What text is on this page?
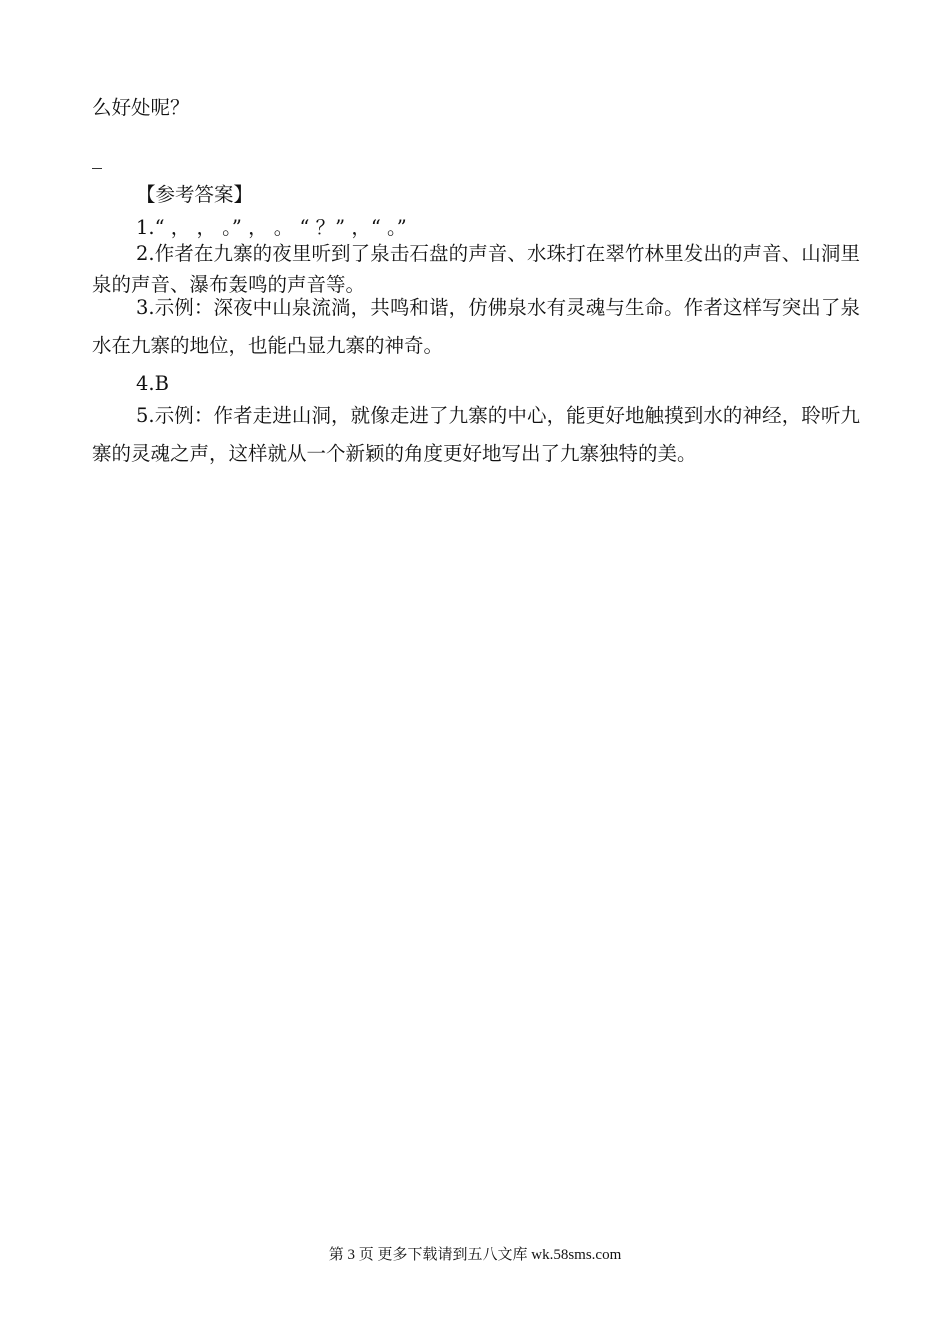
么好处呢？
【参考答案】
1.“ ， ， 。” ， 。 “ ？” ，“ 。”
2.作者在九寨的夜里听到了泉击石盘的声音、水珠打在翠竹林里发出的声音、山洞里泉的声音、瀑布轰鸣的声音等。
3.示例：深夜中山泉流淌，共鸣和谐，仿佛泉水有灵魂与生命。作者这样写突出了泉水在九寨的地位，也能凸显九寨的神奇。
4.B
5.示例：作者走进山洞，就像走进了九寨的中心，能更好地触摸到水的神经，聆听九寨的灵魂之声，这样就从一个新颖的角度更好地写出了九寨独特的美。
第 3 页 更多下载请到五八文库 wk.58sms.com
